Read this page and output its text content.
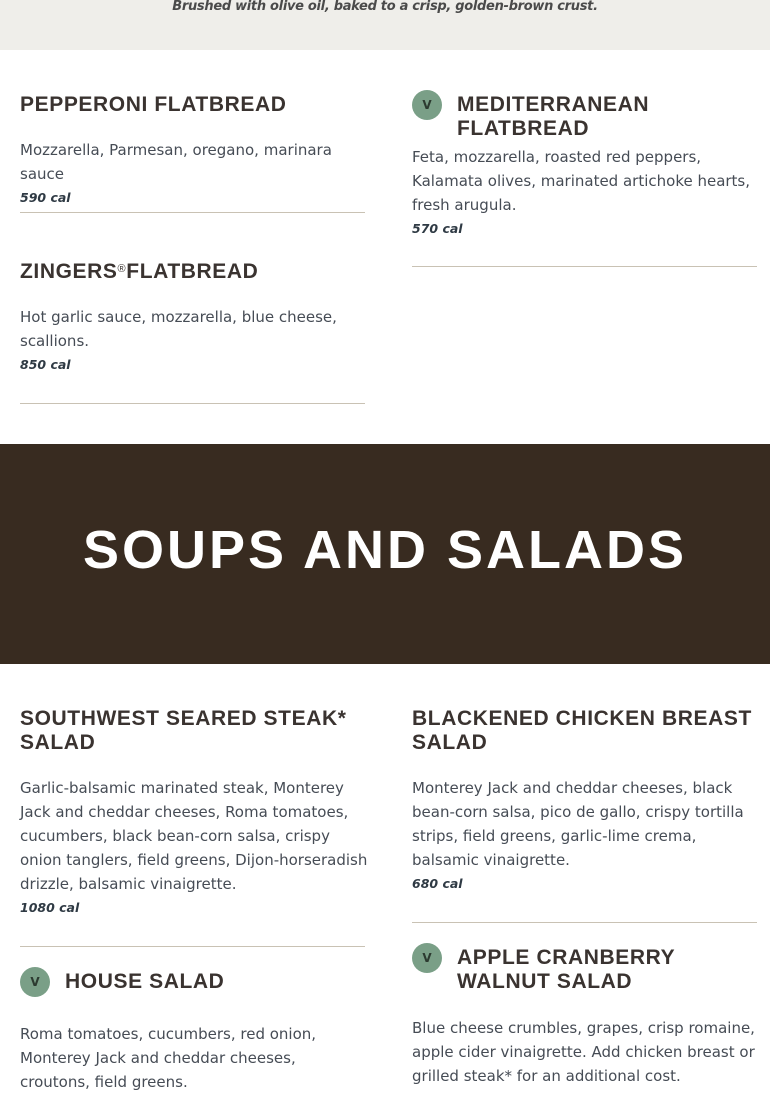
Brushed with olive oil, baked to a crisp, golden-brown crust.
PEPPERONI FLATBREAD
Mozzarella, Parmesan, oregano, marinara sauce
590 cal
V	MEDITERRANEAN FLATBREAD
Feta, mozzarella, roasted red peppers, Kalamata olives, marinated artichoke hearts, fresh arugula.
570 cal
ZINGERS®FLATBREAD
Hot garlic sauce, mozzarella, blue cheese, scallions.
850 cal
SOUPS AND SALADS
SOUTHWEST SEARED STEAK* SALAD
Garlic-balsamic marinated steak, Monterey Jack and cheddar cheeses, Roma tomatoes, cucumbers, black bean-corn salsa, crispy onion tanglers, field greens, Dijon-horseradish drizzle, balsamic vinaigrette.
1080 cal
BLACKENED CHICKEN BREAST SALAD
Monterey Jack and cheddar cheeses, black bean-corn salsa, pico de gallo, crispy tortilla strips, field greens, garlic-lime crema, balsamic vinaigrette.
680 cal
V	HOUSE SALAD
Roma tomatoes, cucumbers, red onion, Monterey Jack and cheddar cheeses, croutons, field greens.
V	APPLE CRANBERRY WALNUT SALAD
Blue cheese crumbles, grapes, crisp romaine, apple cider vinaigrette. Add chicken breast or grilled steak* for an additional cost.
